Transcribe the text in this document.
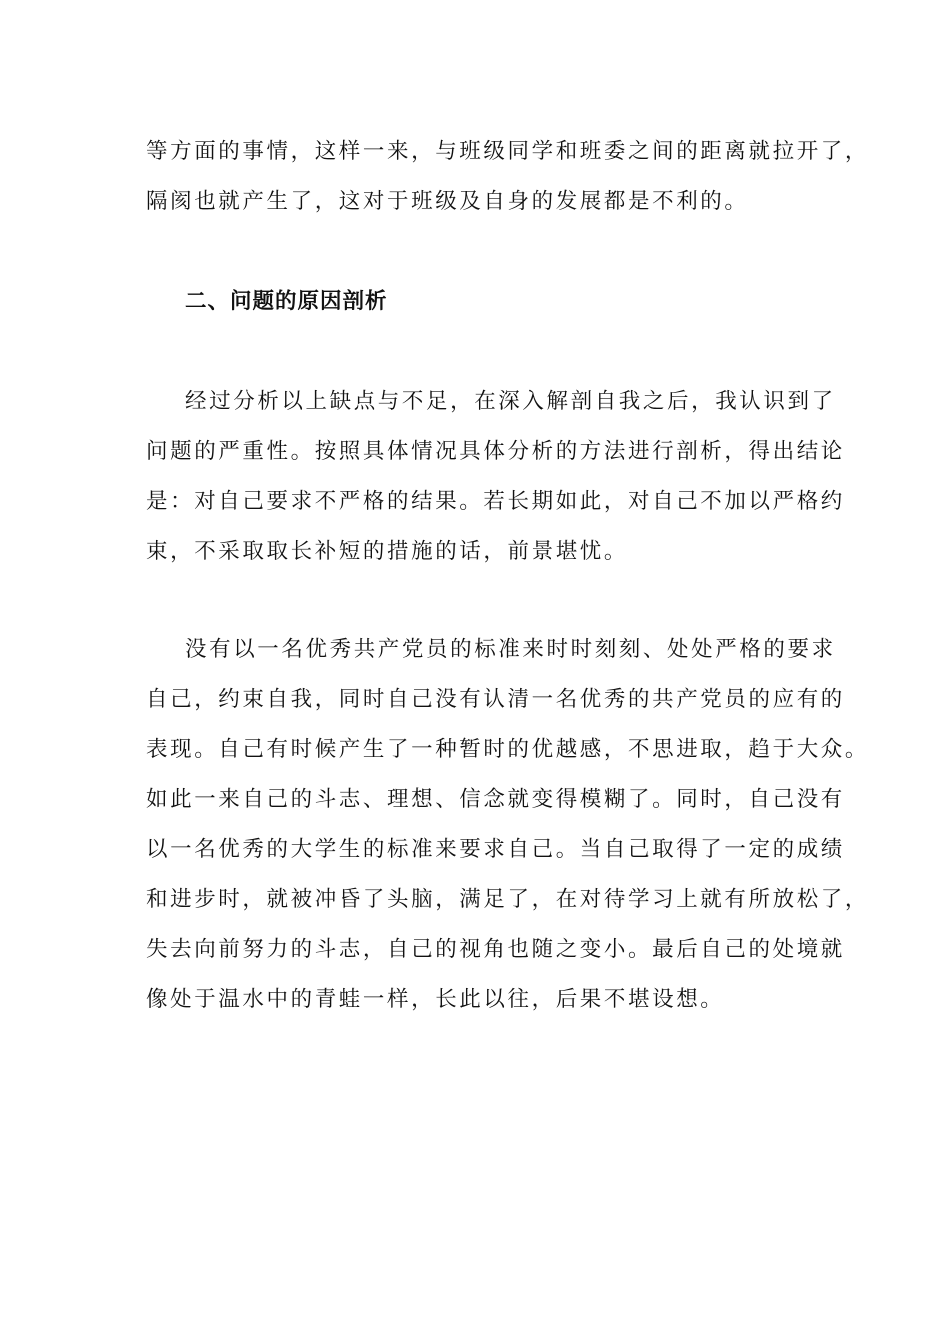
等方面的事情，这样一来，与班级同学和班委之间的距离就拉开了，
隔阂也就产生了，这对于班级及自身的发展都是不利的。
二、问题的原因剖析
经过分析以上缺点与不足，在深入解剖自我之后，我认识到了
问题的严重性。按照具体情况具体分析的方法进行剖析，得出结论
是：对自己要求不严格的结果。若长期如此，对自己不加以严格约
束，不采取取长补短的措施的话，前景堪忧。
没有以一名优秀共产党员的标准来时时刻刻、处处严格的要求
自己，约束自我，同时自己没有认清一名优秀的共产党员的应有的
表现。自己有时候产生了一种暂时的优越感，不思进取，趋于大众。
如此一来自己的斗志、理想、信念就变得模糊了。同时，自己没有
以一名优秀的大学生的标准来要求自己。当自己取得了一定的成绩
和进步时，就被冲昏了头脑，满足了，在对待学习上就有所放松了，
失去向前努力的斗志，自己的视角也随之变小。最后自己的处境就
像处于温水中的青蛙一样，长此以往，后果不堪设想。
